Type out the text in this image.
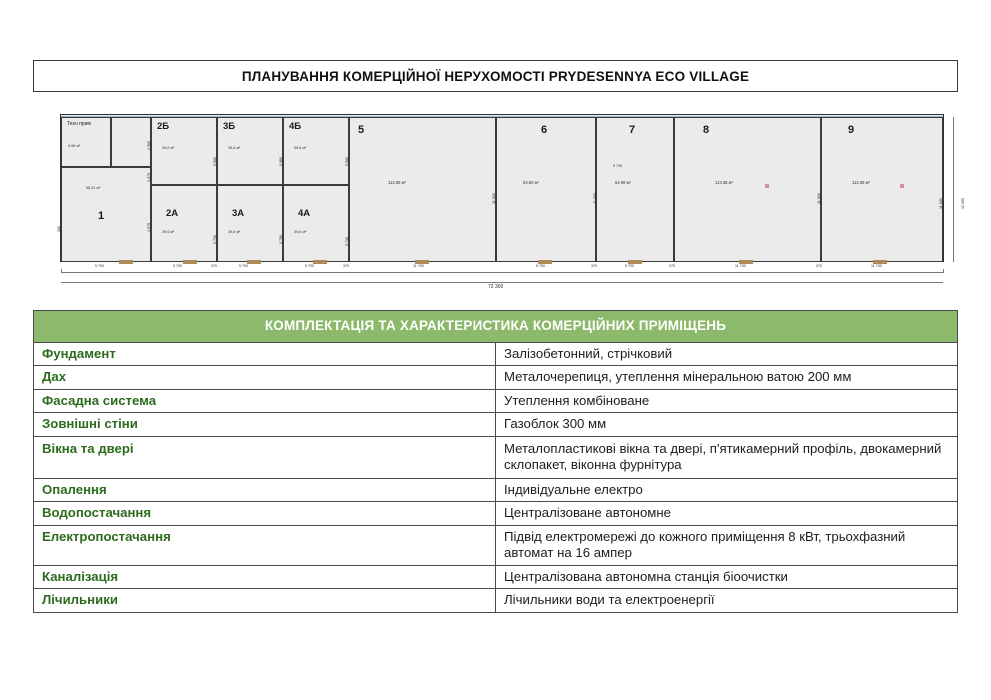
ПЛАНУВАННЯ КОМЕРЦІЙНОЇ НЕРУХОМОСТІ PRYDESENNYA ECO VILLAGE
Техн прим
9,96 м²
1
68,31 м²
2Б
39,6 м²
3Б
39,6 м²
4Б
39,6 м²
2А
39,6 м²
3А
39,6 м²
4А
39,6 м²
5
113,36 м²
6
64,50 м²
7
64,98 м²
8
113,38 м²
9
113,38 м²
5 700	5 700	5 700	5 700	11 700	5 700	5 700	11 700	11 700
72 300
12 000
11 600
5 580
5 700
5 580
5 700
5 580
5 730
11 500	11 600	11 600
5 730
2 565
3 075
3 675
300
370	370	370	370	370
КОМПЛЕКТАЦІЯ ТА ХАРАКТЕРИСТИКА КОМЕРЦІЙНИХ ПРИМІЩЕНЬ	
Фундамент	Залізобетонний, стрічковий
Дах	Металочерепиця, утеплення мінеральною ватою 200 мм
Фасадна система	Утеплення комбіноване
Зовнішні стіни	Газоблок 300 мм
Вікна та двері	Металопластикові вікна та двері, п'ятикамерний профіль, двокамерний склопакет, віконна фурнітура
Опалення	Індивідуальне електро
Водопостачання	Централізоване автономне
Електропостачання	Підвід електромережі до кожного приміщення 8 кВт, трьохфазний автомат на 16 ампер
Каналізація	Централізована автономна станція біоочистки
Лічильники	Лічильники води та електроенергії
